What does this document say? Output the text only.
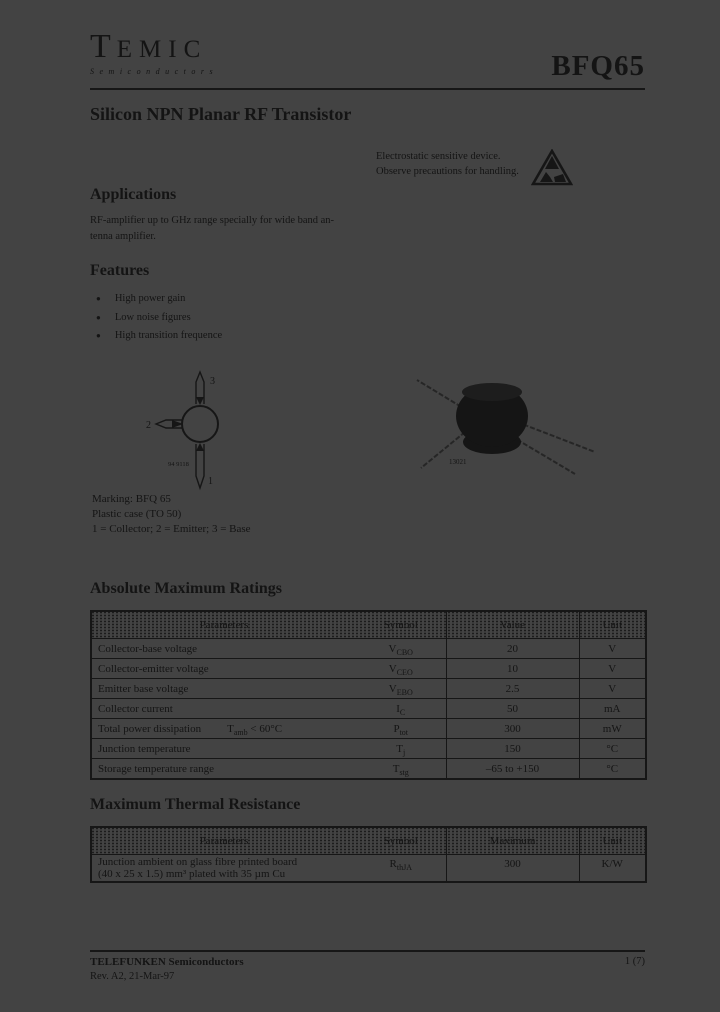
TEMIC
Semiconductors	BFQ65
Silicon NPN Planar RF Transistor
Electrostatic sensitive device.
Observe precautions for handling.
Applications

RF-amplifier up to GHz range specially for wide band an-
tenna amplifier.

Features
● High power gain
● Low noise figures
● High transition frequence
3
2
1
94 9118	13021
Marking: BFQ 65
Plastic case (TO 50)
1 = Collector; 2 = Emitter; 3 = Base
Absolute Maximum Ratings
Parameters	Symbol	Value	Unit
Collector-base voltage	$V_{CBO}$	20	V
Collector-emitter voltage	$V_{CEO}$	10	V
Emitter base voltage	$V_{EBO}$	2.5	V
Collector current	$I_C$	50	mA
Total power dissipation $T_{amb} < 60^\circ C$	$P_{tot}$	300	mW
Junction temperature	$T_j$	150	°C
Storage temperature range	$T_{stg}$	–65 to +150	°C
Maximum Thermal Resistance
Parameters	Symbol	Maximum	Unit

Junction ambient on glass fibre printed board
(40 x 25 x 1.5) mm³ plated with 35 µm Cu	$R_{thJA}$	300	K/W
TELEFUNKEN Semiconductors
Rev. A2, 21-Mar-97
1 (7)
